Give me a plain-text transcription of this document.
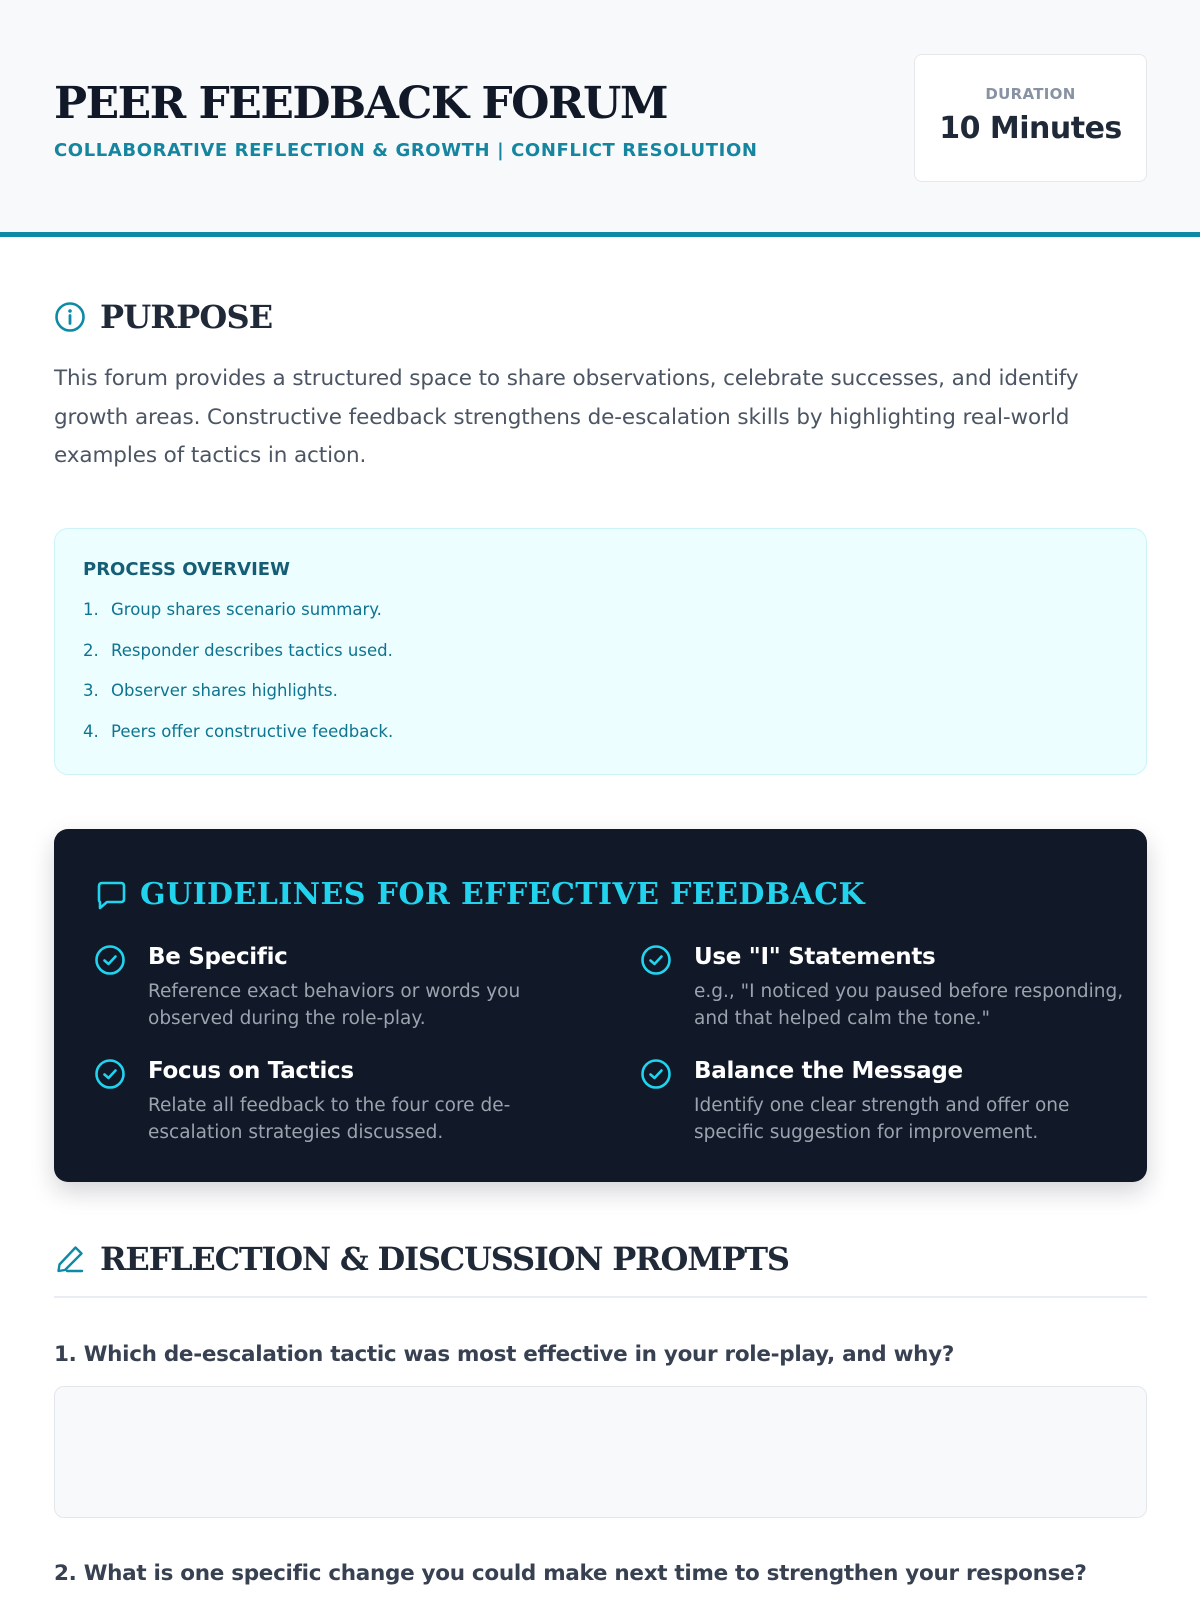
PEER FEEDBACK FORUM
COLLABORATIVE REFLECTION & GROWTH | CONFLICT RESOLUTION
DURATION
10 Minutes
PURPOSE

This forum provides a structured space to share observations, celebrate successes, and identify growth areas. Constructive feedback strengthens de-escalation skills by highlighting real-world examples of tactics in action.

PROCESS OVERVIEW
1. Group shares scenario summary.
2. Responder describes tactics used.
3. Observer shares highlights.
4. Peers offer constructive feedback.
GUIDELINES FOR EFFECTIVE FEEDBACK
Be Specific
Reference exact behaviors or words you observed during the role-play.
Use "I" Statements
e.g., "I noticed you paused before responding, and that helped calm the tone."
Focus on Tactics
Relate all feedback to the four core de-escalation strategies discussed.
Balance the Message
Identify one clear strength and offer one specific suggestion for improvement.
REFLECTION & DISCUSSION PROMPTS
1. Which de-escalation tactic was most effective in your role-play, and why?
2. What is one specific change you could make next time to strengthen your response?
